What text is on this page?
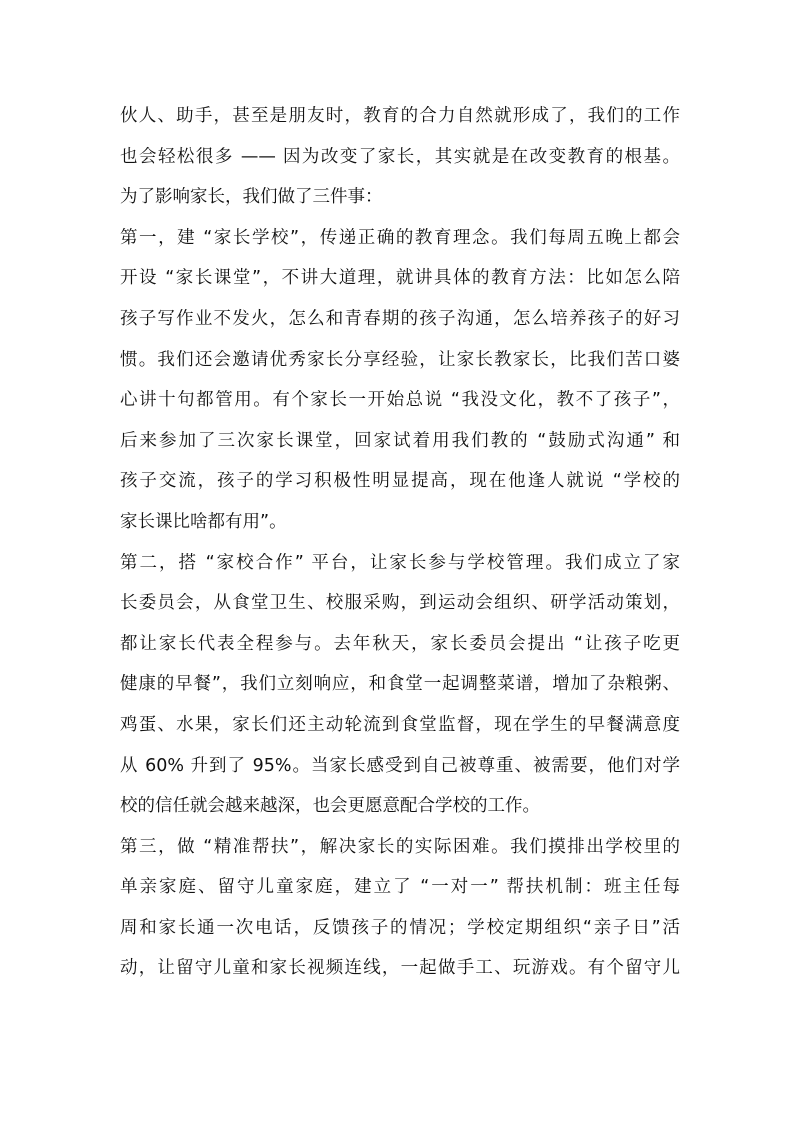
伙人、助手，甚至是朋友时，教育的合力自然就形成了，我们的工作
也会轻松很多 —— 因为改变了家长，其实就是在改变教育的根基。
为了影响家长，我们做了三件事：
第一，建 “家长学校”，传递正确的教育理念。我们每周五晚上都会
开设 “家长课堂”，不讲大道理，就讲具体的教育方法：比如怎么陪
孩子写作业不发火，怎么和青春期的孩子沟通，怎么培养孩子的好习
惯。我们还会邀请优秀家长分享经验，让家长教家长，比我们苦口婆
心讲十句都管用。有个家长一开始总说 “我没文化，教不了孩子”，
后来参加了三次家长课堂，回家试着用我们教的 “鼓励式沟通” 和
孩子交流，孩子的学习积极性明显提高，现在他逢人就说 “学校的
家长课比啥都有用”。
第二，搭 “家校合作” 平台，让家长参与学校管理。我们成立了家
长委员会，从食堂卫生、校服采购，到运动会组织、研学活动策划，
都让家长代表全程参与。去年秋天，家长委员会提出 “让孩子吃更
健康的早餐”，我们立刻响应，和食堂一起调整菜谱，增加了杂粮粥、
鸡蛋、水果，家长们还主动轮流到食堂监督，现在学生的早餐满意度
从 60% 升到了 95%。当家长感受到自己被尊重、被需要，他们对学
校的信任就会越来越深，也会更愿意配合学校的工作。
第三，做 “精准帮扶”，解决家长的实际困难。我们摸排出学校里的
单亲家庭、留守儿童家庭，建立了 “一对一” 帮扶机制：班主任每
周和家长通一次电话，反馈孩子的情况；学校定期组织“亲子日”活
动，让留守儿童和家长视频连线，一起做手工、玩游戏。有个留守儿
